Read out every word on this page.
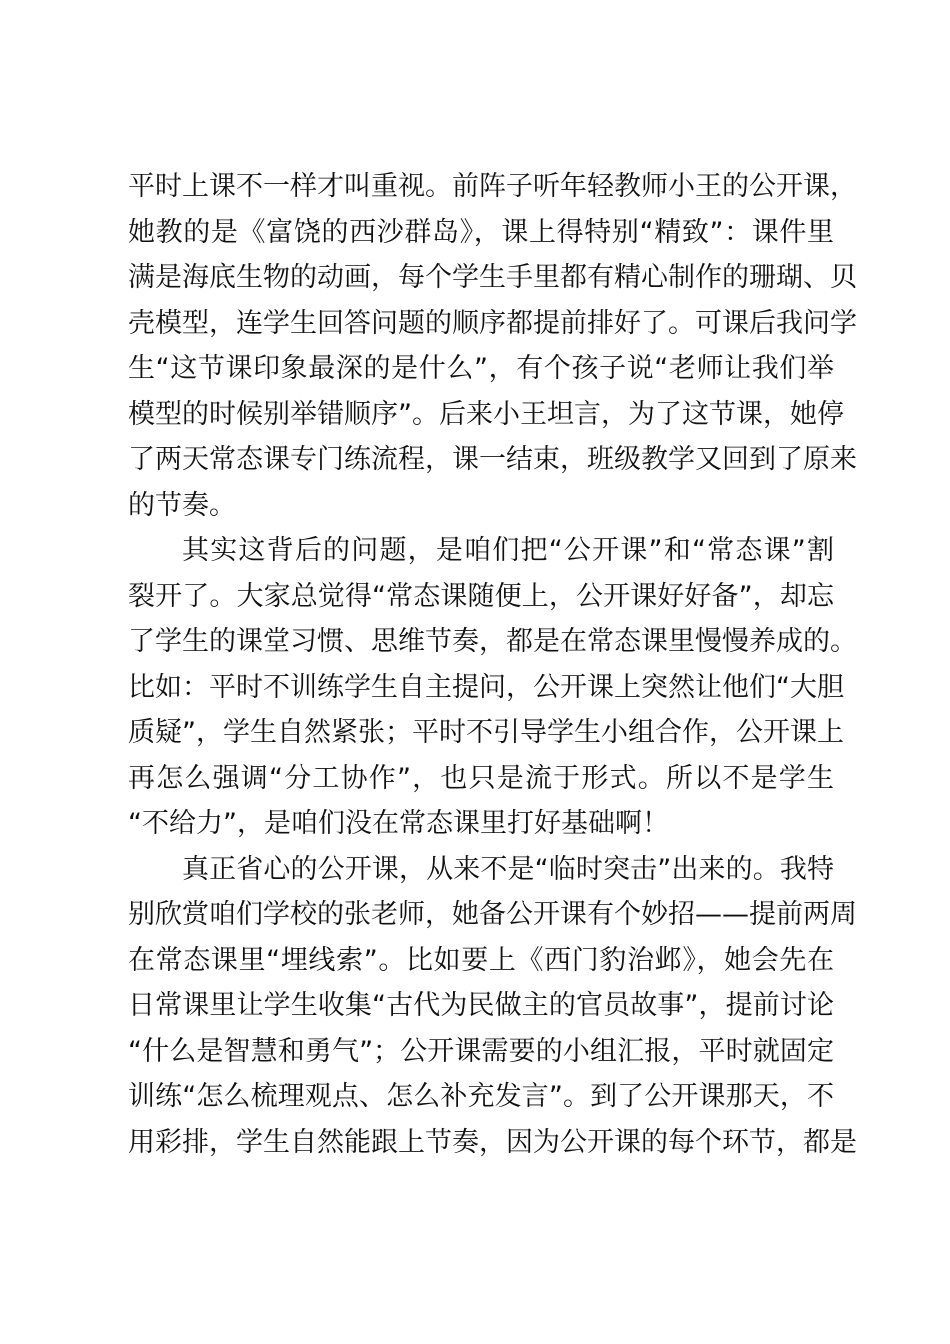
平时上课不一样才叫重视。前阵子听年轻教师小王的公开课，
她教的是《富饶的西沙群岛》，课上得特别“精致”：课件里
满是海底生物的动画，每个学生手里都有精心制作的珊瑚、贝
壳模型，连学生回答问题的顺序都提前排好了。可课后我问学
生“这节课印象最深的是什么”，有个孩子说“老师让我们举
模型的时候别举错顺序”。后来小王坦言，为了这节课，她停
了两天常态课专门练流程，课一结束，班级教学又回到了原来
的节奏。
其实这背后的问题，是咱们把“公开课”和“常态课”割
裂开了。大家总觉得“常态课随便上，公开课好好备”，却忘
了学生的课堂习惯、思维节奏，都是在常态课里慢慢养成的。
比如：平时不训练学生自主提问，公开课上突然让他们“大胆
质疑”，学生自然紧张；平时不引导学生小组合作，公开课上
再怎么强调“分工协作”，也只是流于形式。所以不是学生
“不给力”，是咱们没在常态课里打好基础啊！
真正省心的公开课，从来不是“临时突击”出来的。我特
别欣赏咱们学校的张老师，她备公开课有个妙招——提前两周
在常态课里“埋线索”。比如要上《西门豹治邺》，她会先在
日常课里让学生收集“古代为民做主的官员故事”，提前讨论
“什么是智慧和勇气”；公开课需要的小组汇报，平时就固定
训练“怎么梳理观点、怎么补充发言”。到了公开课那天，不
用彩排，学生自然能跟上节奏，因为公开课的每个环节，都是
